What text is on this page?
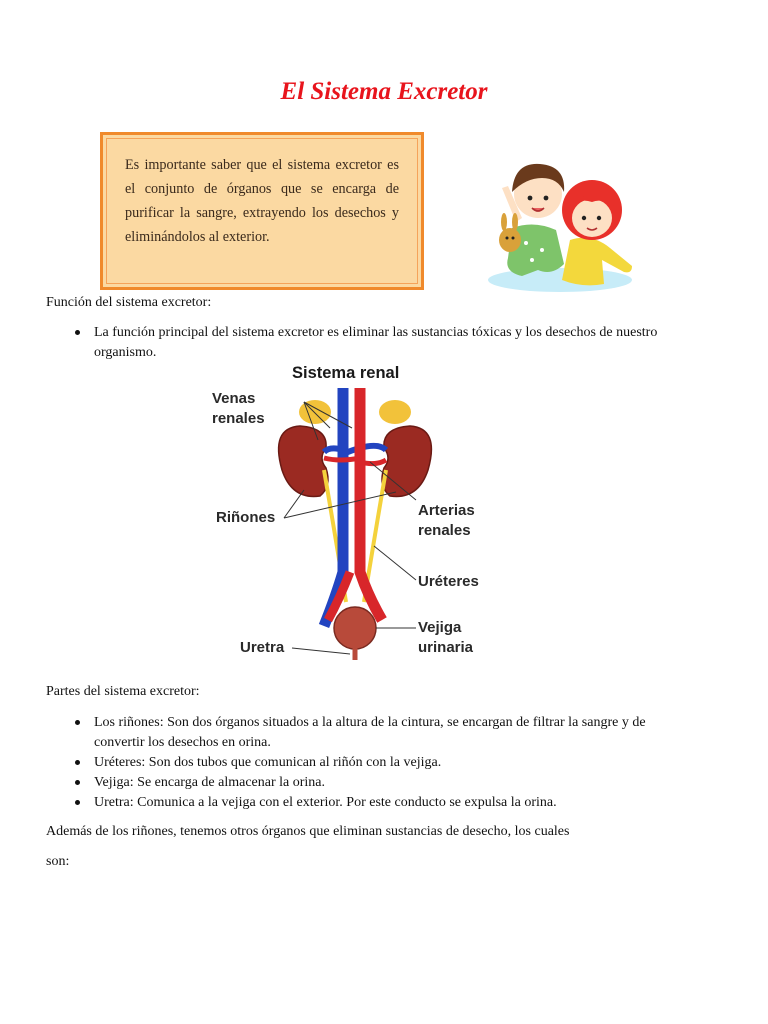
El Sistema Excretor
Es importante saber que el sistema excretor es el conjunto de órganos que se encarga de purificar la sangre, extrayendo los desechos y eliminándolos al exterior.
Función del sistema excretor:
La función principal del sistema excretor es eliminar las sustancias tóxicas y los desechos de nuestro organismo.
Sistema renal
Venas
renales
Riñones	Arterias
renales
Uréteres
Vejiga
urinaria
Uretra
Partes del sistema excretor:
Los riñones: Son dos órganos situados a la altura de la cintura, se encargan de filtrar la sangre y de convertir los desechos en orina.
Uréteres: Son dos tubos que comunican al riñón con la vejiga.
Vejiga: Se encarga de almacenar la orina.
Uretra: Comunica a la vejiga con el exterior. Por este conducto se expulsa la orina.
Además de los riñones, tenemos otros órganos que eliminan sustancias de desecho, los cuales
son:
